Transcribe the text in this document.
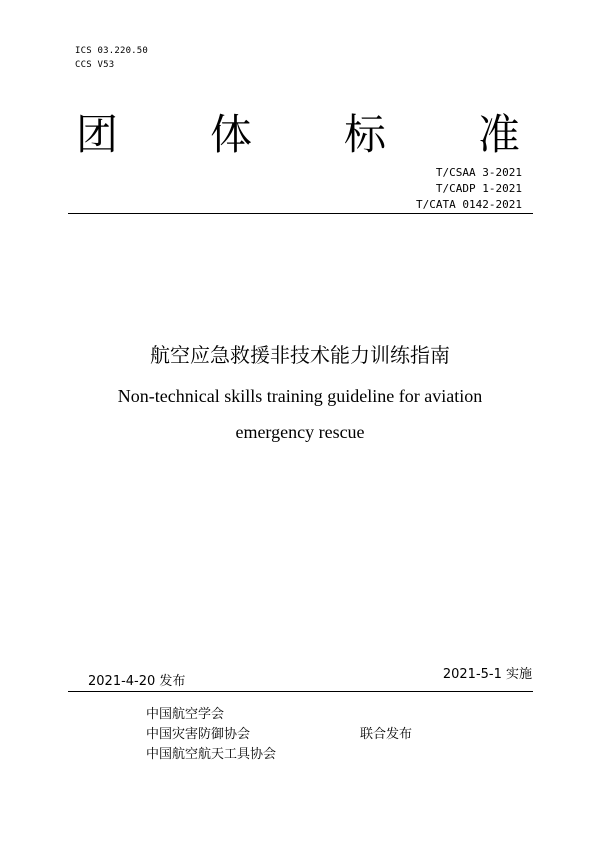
ICS 03.220.50
CCS V53
团 体 标 准
T/CSAA 3-2021
T/CADP 1-2021
T/CATA 0142-2021
航空应急救援非技术能力训练指南
Non-technical skills training guideline for aviation
emergency rescue
2021-4-20 发布	2021-5-1 实施
中国航空学会
中国灾害防御协会
中国航空航天工具协会
联合发布
